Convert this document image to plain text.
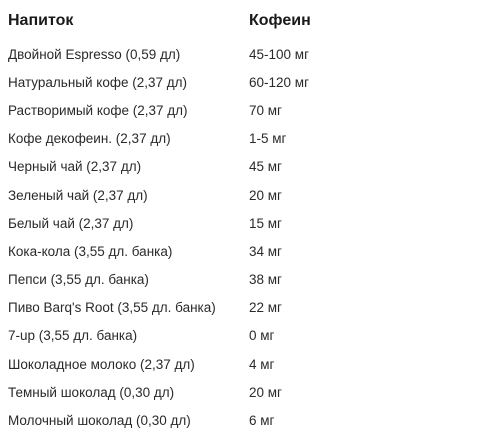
Напиток	Кофеин
Двойной Espresso (0,59 дл)	45-100 мг
Натуральный кофе (2,37 дл)	60-120 мг
Растворимый кофе (2,37 дл)	70 мг
Кофе декофеин. (2,37 дл)	1-5 мг
Черный чай (2,37 дл)	45 мг
Зеленый чай (2,37 дл)	20 мг
Белый чай (2,37 дл)	15 мг
Кока-кола (3,55 дл. банка)	34 мг
Пепси (3,55 дл. банка)	38 мг
Пиво Barq's Root (3,55 дл. банка)	22 мг
7-up (3,55 дл. банка)	0 мг
Шоколадное молоко (2,37 дл)	4 мг
Темный шоколад (0,30 дл)	20 мг
Молочный шоколад (0,30 дл)	6 мг
